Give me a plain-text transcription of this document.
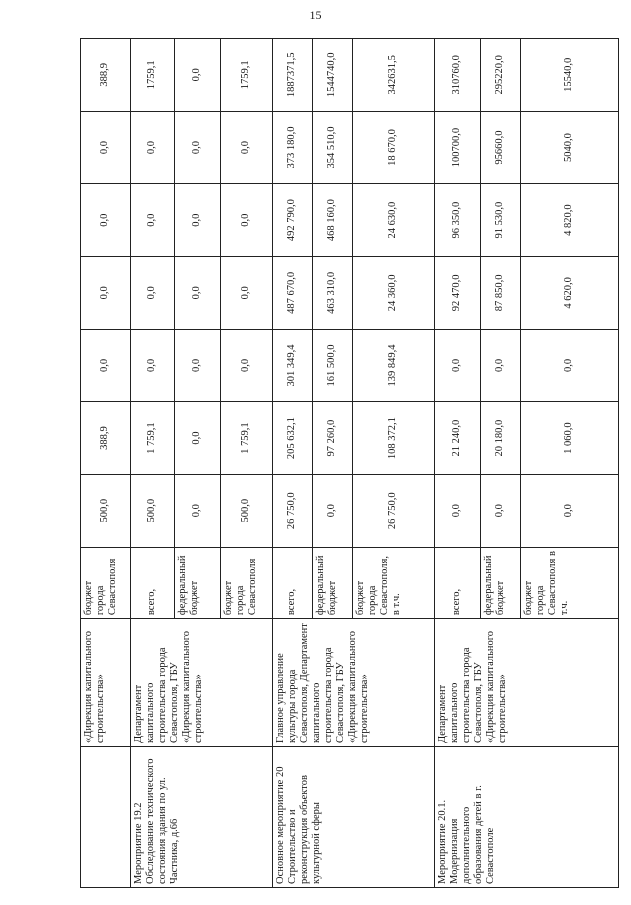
15
	«Дирекция капитального строительства»	бюджет города Севастополя	500,0	388,9	0,0	0,0	0,0	0,0	388,9
Мероприятие 19.2 Обследование технического состояния здания по ул. Частника, д.66	Департамент капитального строительства города Севастополя, ГБУ «Дирекция капитального строительства»	всего,	500,0	1 759,1	0,0	0,0	0,0	0,0	1759,1
		федеральный бюджет	0,0	0,0	0,0	0,0	0,0	0,0	0,0
		бюджет города Севастополя	500,0	1 759,1	0,0	0,0	0,0	0,0	1759,1
Основное мероприятие 20 Строительство и реконструкция объектов культурной сферы	Главное управление культуры города Севастополя, Департамент капитального строительства города Севастополя, ГБУ «Дирекция капитального строительства»	всего,	26 750,0	205 632,1	301 349,4	487 670,0	492 790,0	373 180,0	1887371,5
		федеральный бюджет	0,0	97 260,0	161 500,0	463 310,0	468 160,0	354 510,0	1544740,0
		бюджет города Севастополя, в т.ч.	26 750,0	108 372,1	139 849,4	24 360,0	24 630,0	18 670,0	342631,5
Мероприятие 20.1. Модернизация дополнительного образования детей в г. Севастополе	Департамент капитального строительства города Севастополя, ГБУ «Дирекция капитального строительства»	всего,	0,0	21 240,0	0,0	92 470,0	96 350,0	100700,0	310760,0
		федеральный бюджет	0,0	20 180,0	0,0	87 850,0	91 530,0	95660,0	295220,0
		бюджет города Севастополя в т.ч.	0,0	1 060,0	0,0	4 620,0	4 820,0	5040,0	15540,0
